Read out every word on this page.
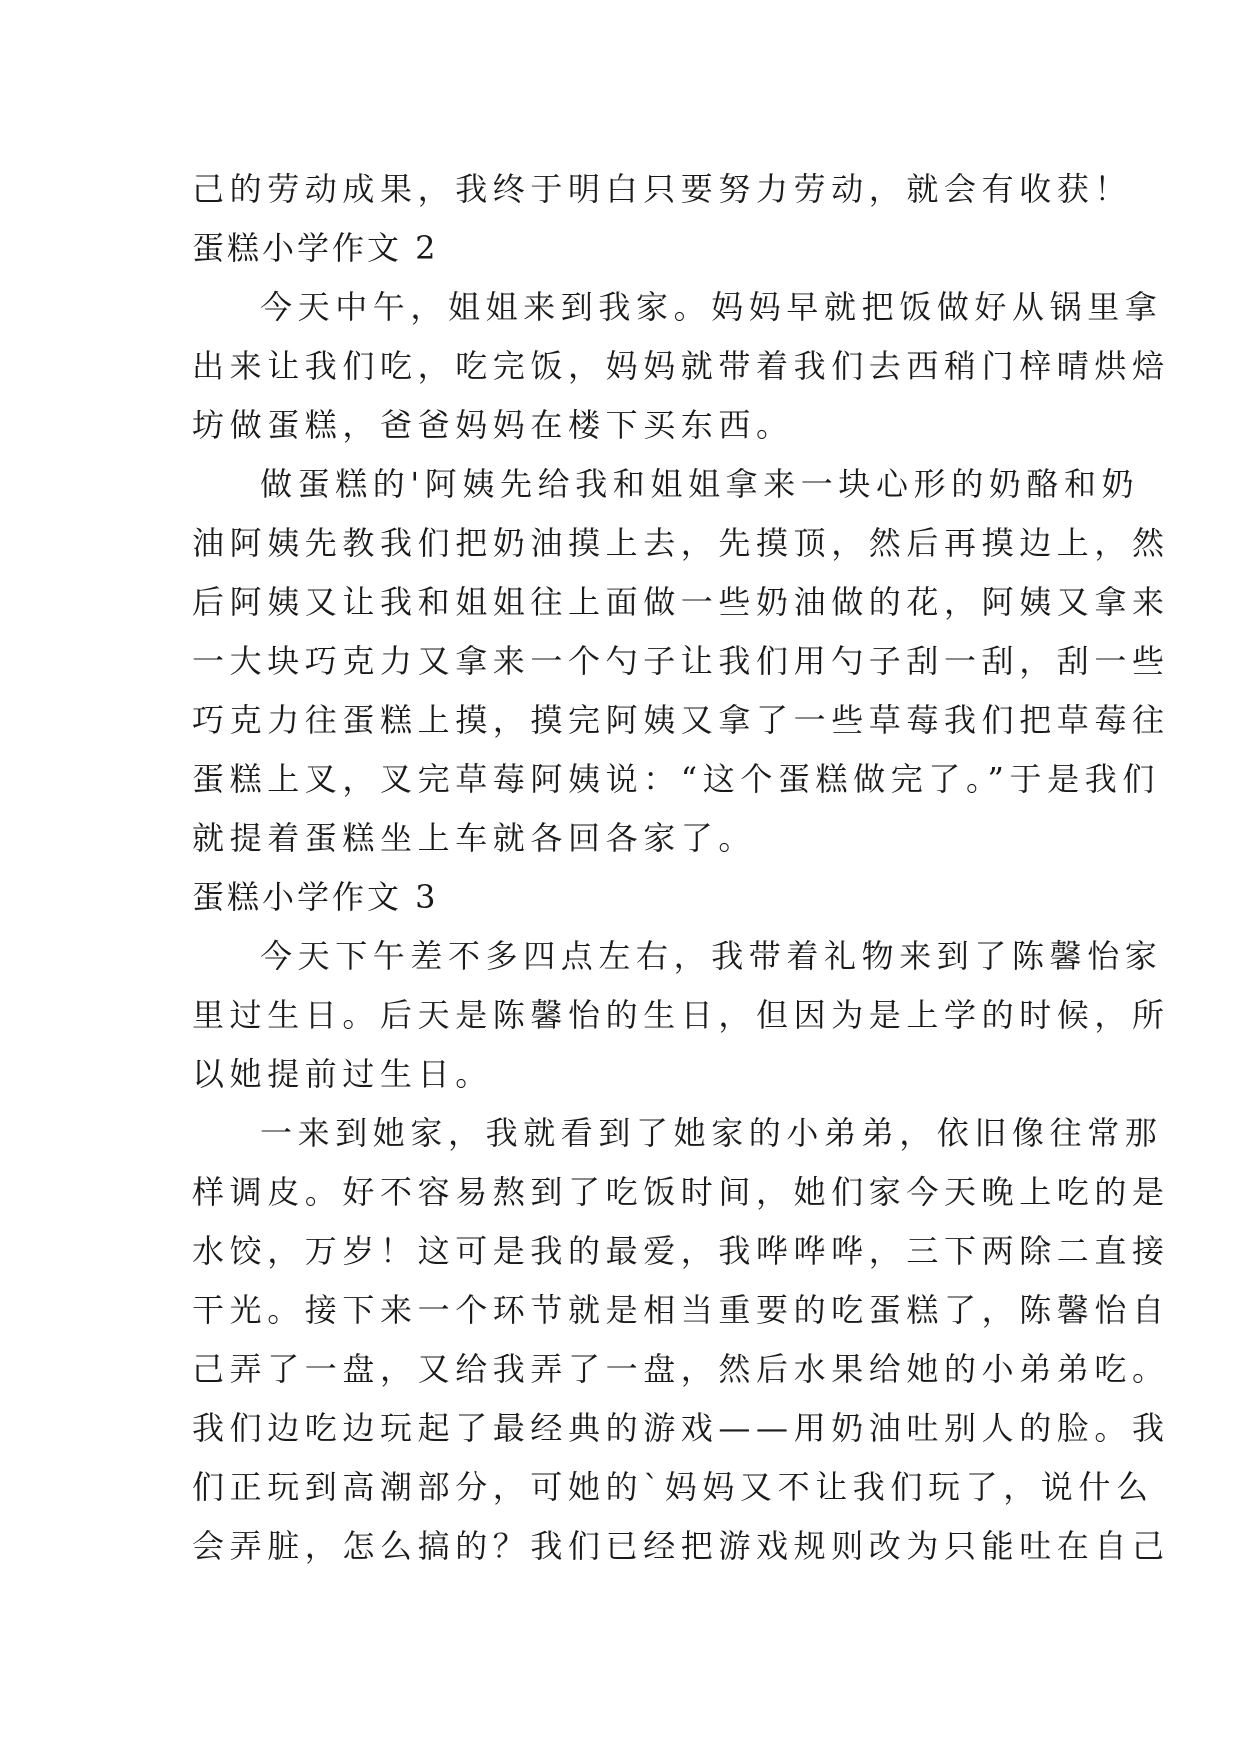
己的劳动成果，我终于明白只要努力劳动，就会有收获！
蛋糕小学作文 2
今天中午，姐姐来到我家。妈妈早就把饭做好从锅里拿
出来让我们吃，吃完饭，妈妈就带着我们去西稍门梓晴烘焙
坊做蛋糕，爸爸妈妈在楼下买东西。
做蛋糕的'阿姨先给我和姐姐拿来一块心形的奶酪和奶
油阿姨先教我们把奶油摸上去，先摸顶，然后再摸边上，然
后阿姨又让我和姐姐往上面做一些奶油做的花，阿姨又拿来
一大块巧克力又拿来一个勺子让我们用勺子刮一刮，刮一些
巧克力往蛋糕上摸，摸完阿姨又拿了一些草莓我们把草莓往
蛋糕上叉，叉完草莓阿姨说：“这个蛋糕做完了。”于是我们
就提着蛋糕坐上车就各回各家了。
蛋糕小学作文 3
今天下午差不多四点左右，我带着礼物来到了陈馨怡家
里过生日。后天是陈馨怡的生日，但因为是上学的时候，所
以她提前过生日。
一来到她家，我就看到了她家的小弟弟，依旧像往常那
样调皮。好不容易熬到了吃饭时间，她们家今天晚上吃的是
水饺，万岁！这可是我的最爱，我哗哗哗，三下两除二直接
干光。接下来一个环节就是相当重要的吃蛋糕了，陈馨怡自
己弄了一盘，又给我弄了一盘，然后水果给她的小弟弟吃。
我们边吃边玩起了最经典的游戏——用奶油吐别人的脸。我
们正玩到高潮部分，可她的`妈妈又不让我们玩了，说什么
会弄脏，怎么搞的？我们已经把游戏规则改为只能吐在自己
